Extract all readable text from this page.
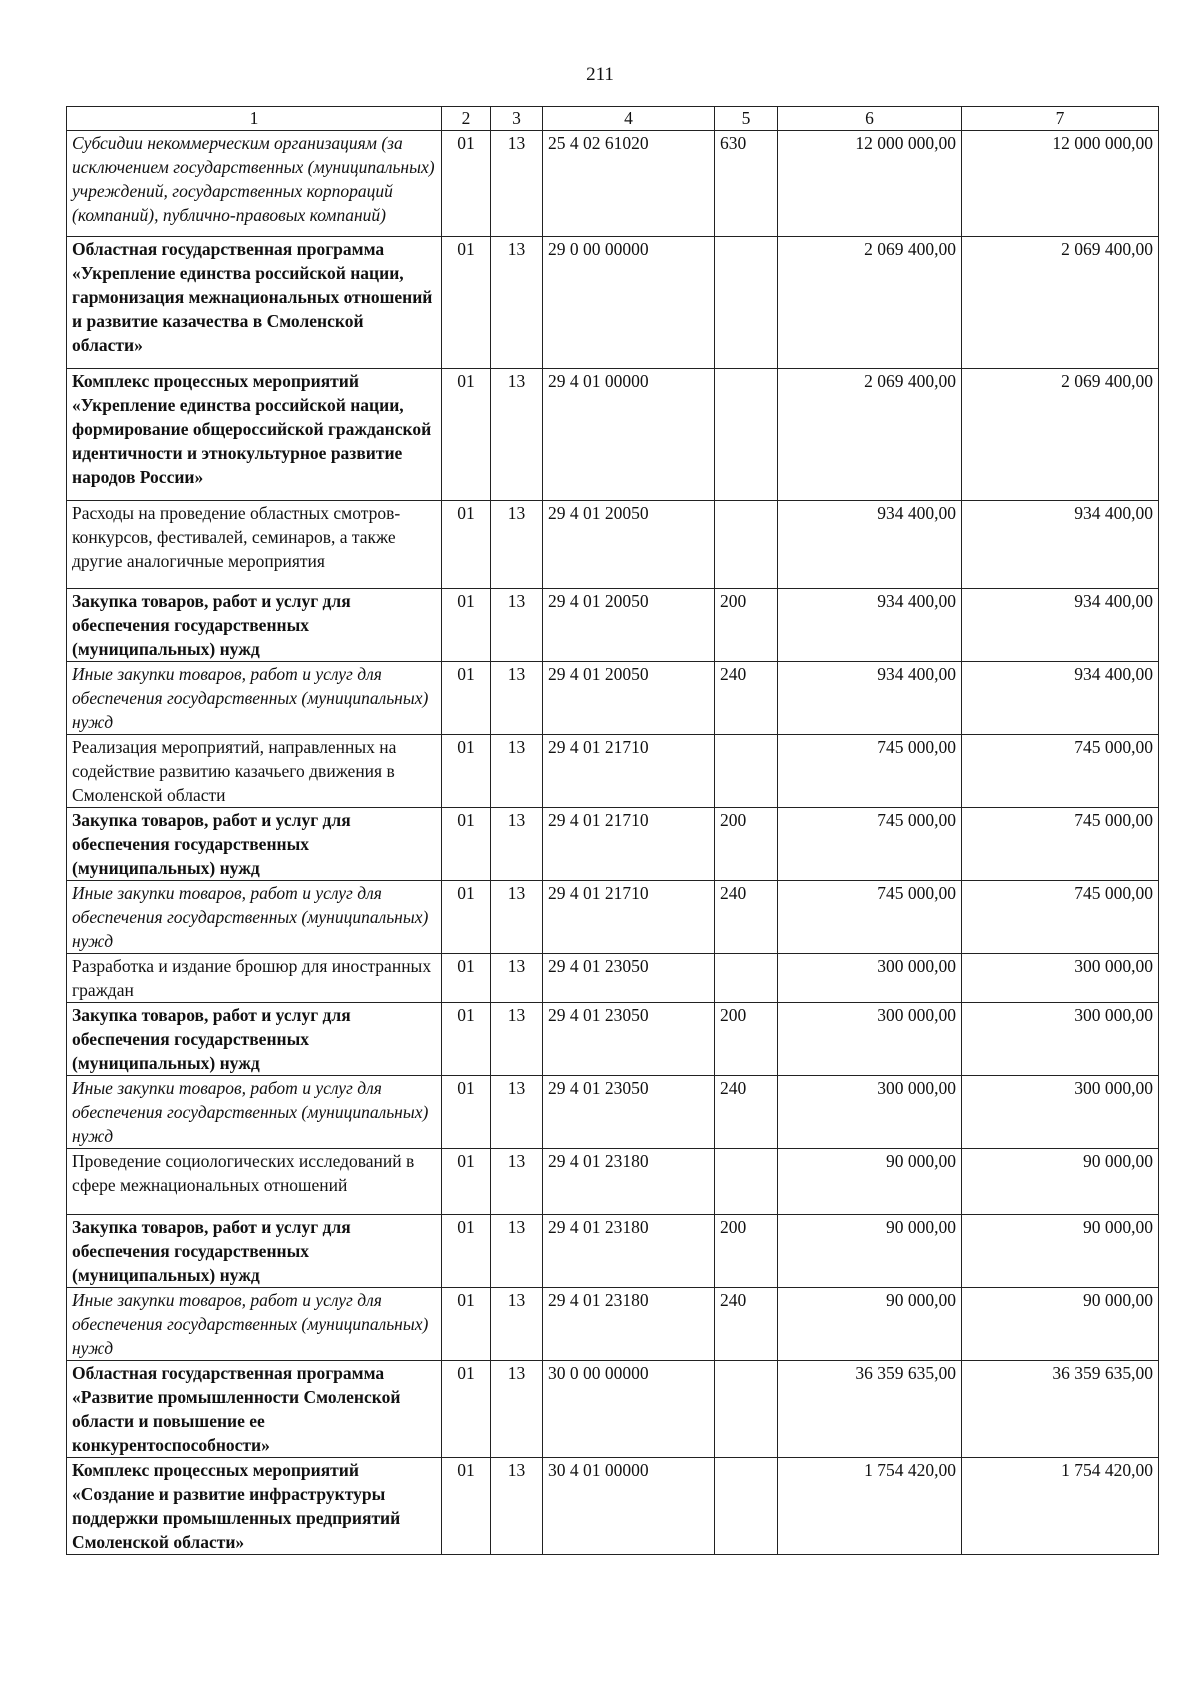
211
1	2	3	4	5	6	7
Субсидии некоммерческим организациям (за исключением государственных (муниципальных) учреждений, государственных корпораций (компаний), публично-правовых компаний)	01	13	25 4 02 61020	630	12 000 000,00	12 000 000,00
Областная государственная программа «Укрепление единства российской нации, гармонизация межнациональных отношений и развитие казачества в Смоленской области»	01	13	29 0 00 00000		2 069 400,00	2 069 400,00
Комплекс процессных мероприятий «Укрепление единства российской нации, формирование общероссийской гражданской идентичности и этнокультурное развитие народов России»	01	13	29 4 01 00000		2 069 400,00	2 069 400,00
Расходы на проведение областных смотров-конкурсов, фестивалей, семинаров, а также другие аналогичные мероприятия	01	13	29 4 01 20050		934 400,00	934 400,00
Закупка товаров, работ и услуг для обеспечения государственных (муниципальных) нужд	01	13	29 4 01 20050	200	934 400,00	934 400,00
Иные закупки товаров, работ и услуг для обеспечения государственных (муниципальных) нужд	01	13	29 4 01 20050	240	934 400,00	934 400,00
Реализация мероприятий, направленных на содействие развитию казачьего движения в Смоленской области	01	13	29 4 01 21710		745 000,00	745 000,00
Закупка товаров, работ и услуг для обеспечения государственных (муниципальных) нужд	01	13	29 4 01 21710	200	745 000,00	745 000,00
Иные закупки товаров, работ и услуг для обеспечения государственных (муниципальных) нужд	01	13	29 4 01 21710	240	745 000,00	745 000,00
Разработка и издание брошюр для иностранных граждан	01	13	29 4 01 23050		300 000,00	300 000,00
Закупка товаров, работ и услуг для обеспечения государственных (муниципальных) нужд	01	13	29 4 01 23050	200	300 000,00	300 000,00
Иные закупки товаров, работ и услуг для обеспечения государственных (муниципальных) нужд	01	13	29 4 01 23050	240	300 000,00	300 000,00
Проведение социологических исследований в сфере межнациональных отношений	01	13	29 4 01 23180		90 000,00	90 000,00
Закупка товаров, работ и услуг для обеспечения государственных (муниципальных) нужд	01	13	29 4 01 23180	200	90 000,00	90 000,00
Иные закупки товаров, работ и услуг для обеспечения государственных (муниципальных) нужд	01	13	29 4 01 23180	240	90 000,00	90 000,00
Областная государственная программа «Развитие промышленности Смоленской области и повышение ее конкурентоспособности»	01	13	30 0 00 00000		36 359 635,00	36 359 635,00
Комплекс процессных мероприятий «Создание и развитие инфраструктуры поддержки промышленных предприятий Смоленской области»	01	13	30 4 01 00000		1 754 420,00	1 754 420,00
